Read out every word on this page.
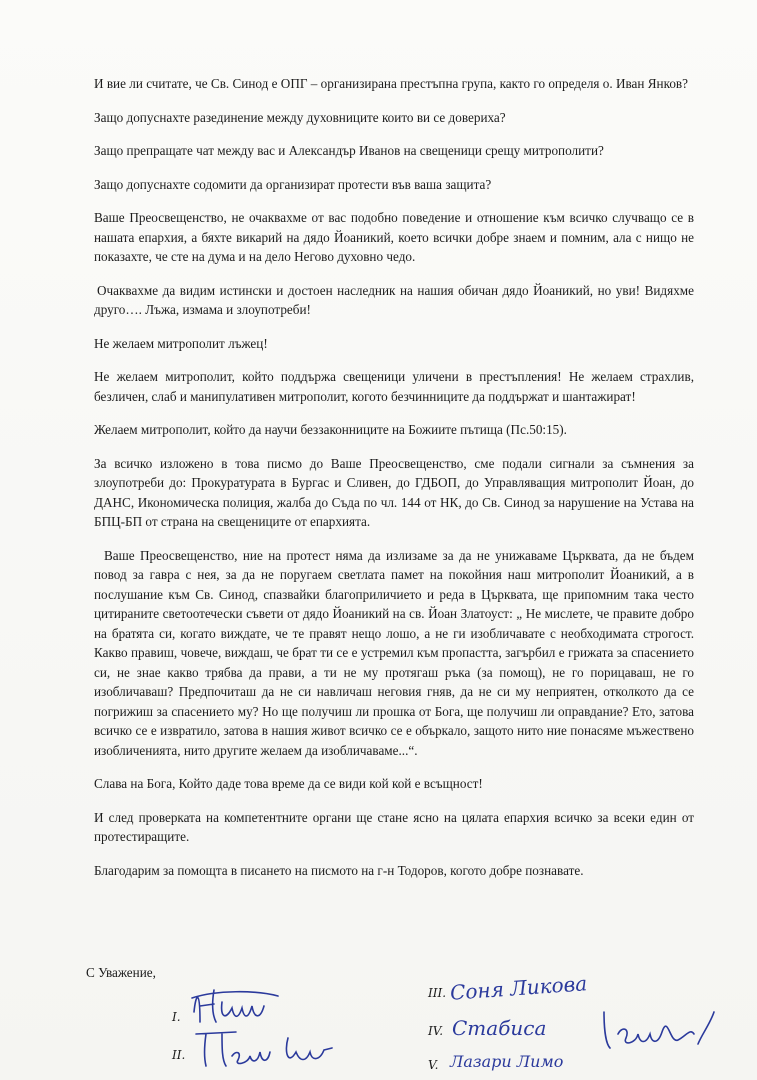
И вие ли считате, че Св. Синод е ОПГ – организирана престъпна група, както го определя о. Иван Янков?

Защо допуснахте разединение между духовниците които ви се довериха?

Защо препращате чат между вас и Александър Иванов на свещеници срещу митрополити?

Защо допуснахте содомити да организират протести във ваша защита?

Ваше Преосвещенство, не очаквахме от вас подобно поведение и отношение към всичко случващо се в нашата епархия, а бяхте викарий на дядо Йоаникий, което всички добре знаем и помним, ала с нищо не показахте, че сте на дума и на дело Негово духовно чедо.

Очаквахме да видим истински и достоен наследник на нашия обичан дядо Йоаникий, но уви! Видяхме друго…. Лъжа, измама и злоупотреби!

Не желаем митрополит лъжец!

Не желаем митрополит, който поддържа свещеници уличени в престъпления! Не желаем страхлив, безличен, слаб и манипулативен митрополит, когото безчинниците да поддържат и шантажират!

Желаем митрополит, който да научи беззаконниците на Божиите пътища (Пс.50:15).

За всичко изложено в това писмо до Ваше Преосвещенство, сме подали сигнали за съмнения за злоупотреби до: Прокуратурата в Бургас и Сливен, до ГДБОП, до Управляващия митрополит Йоан, до ДАНС, Икономическа полиция, жалба до Съда по чл. 144 от НК, до Св. Синод за нарушение на Устава на БПЦ-БП от страна на свещениците от епархията.

Ваше Преосвещенство, ние на протест няма да излизаме за да не унижаваме Църквата, да не бъдем повод за гавра с нея, за да не поругаем светлата памет на покойния наш митрополит Йоаникий, а в послушание към Св. Синод, спазвайки благоприличието и реда в Църквата, ще припомним така често цитираните светоотечески съвети от дядо Йоаникий на св. Йоан Златоуст: „ Не мислете, че правите добро на братята си, когато виждате, че те правят нещо лошо, а не ги изобличавате с необходимата строгост. Какво правиш, човече, виждаш, че брат ти се е устремил към пропастта, загърбил е грижата за спасението си, не знае какво трябва да прави, а ти не му протягаш ръка (за помощ), не го порицаваш, не го изобличаваш? Предпочиташ да не си навличаш неговия гняв, да не си му неприятен, отколкото да се погрижиш за спасението му? Но ще получиш ли прошка от Бога, ще получиш ли оправдание? Ето, затова всичко се е извратило, затова в нашия живот всичко се е объркало, защото нито ние понасяме мъжествено изобличенията, нито другите желаем да изобличаваме...“.

Слава на Бога, Който даде това време да се види кой кой е всъщност!

И след проверката на компетентните органи ще стане ясно на цялата епархия всичко за всеки един от протестиращите.

Благодарим за помощта в писането на писмото на г-н Тодоров, когото добре познавате.

С Уважение,
I.
II.
III. Соня Ликова
IV. Стабиса
V. Лазари Лимо
